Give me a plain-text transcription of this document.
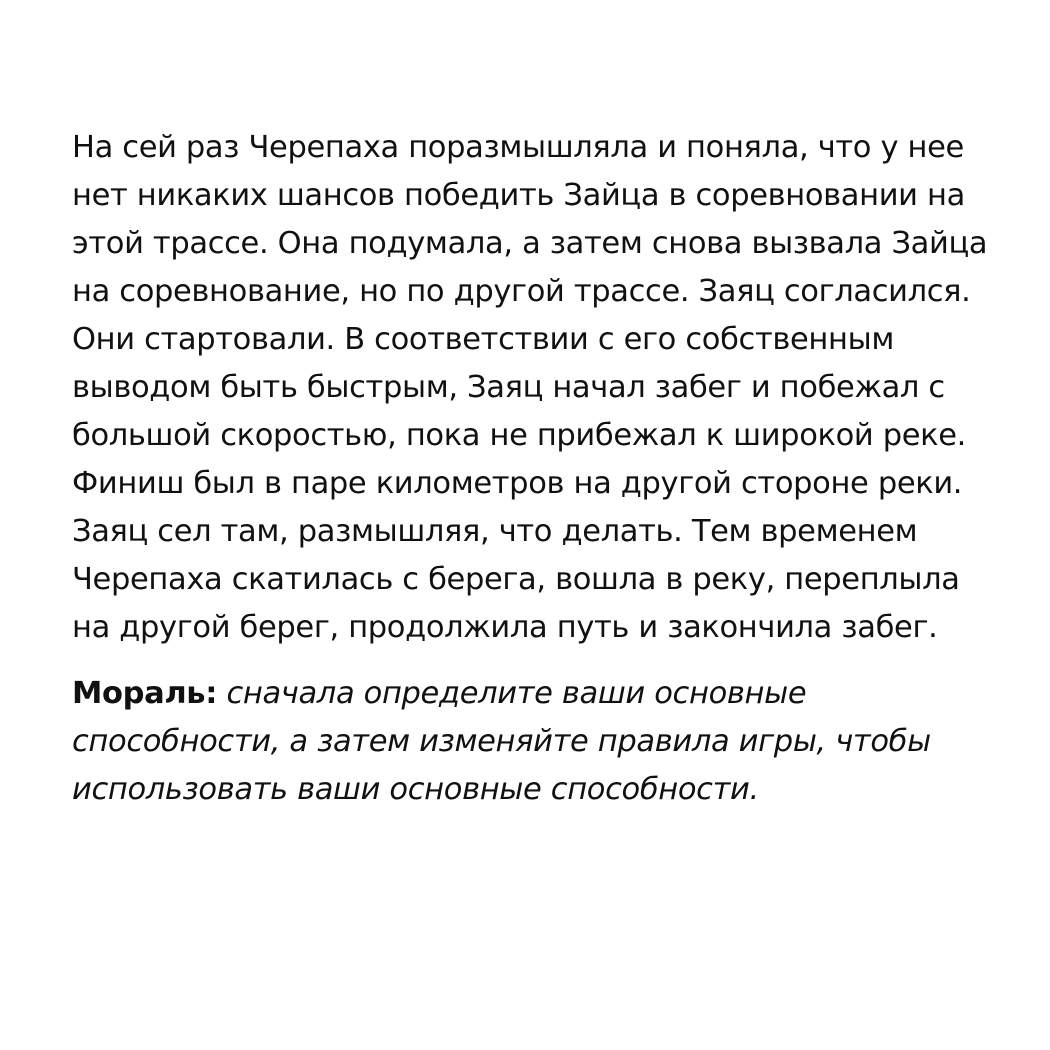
На сей раз Черепаха поразмышляла и поняла, что у нее

нет никаких шансов победить Зайца в соревновании на

этой трассе. Она подумала, а затем снова вызвала Зайца

на соревнование, но по другой трассе. Заяц согласился.

Они стартовали. В соответствии с его собственным

выводом быть быстрым, Заяц начал забег и побежал с

большой скоростью, пока не прибежал к широкой реке.

Финиш был в паре километров на другой стороне реки.

Заяц сел там, размышляя, что делать. Тем временем

Черепаха скатилась с берега, вошла в реку, переплыла

на другой берег, продолжила путь и закончила забег.

Мораль: сначала определите ваши основные

способности, а затем изменяйте правила игры, чтобы

использовать ваши основные способности.
